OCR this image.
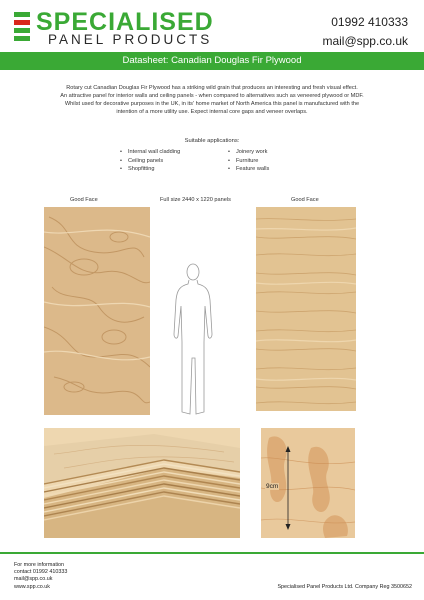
SPECIALISED
PANEL PRODUCTS
01992 410333
mail@spp.co.uk
Datasheet: Canadian Douglas Fir Plywood
Rotary cut Canadian Douglas Fir Plywood has a striking wild grain that produces an interesting and fresh visual effect.
An attractive panel for interior walls and ceiling panels - when compared to alternatives such as veneered plywood or MDF.
Whilst used for decorative purposes in the UK, in its' home market of North America this panel is manufactured with the
intention of a more utility use. Expect internal core gaps and veneer overlaps.
Suitable applications:
• Internal wall cladding
• Ceiling panels
• Shopfitting
• Joinery work
• Furniture
• Feature walls
Good Face	Full size 2440 x 1220 panels	Good Face
9cm
For more information
contact 01992 410333
mail@spp.co.uk
www.spp.co.uk	Specialised Panel Products Ltd. Company Reg 3500652
